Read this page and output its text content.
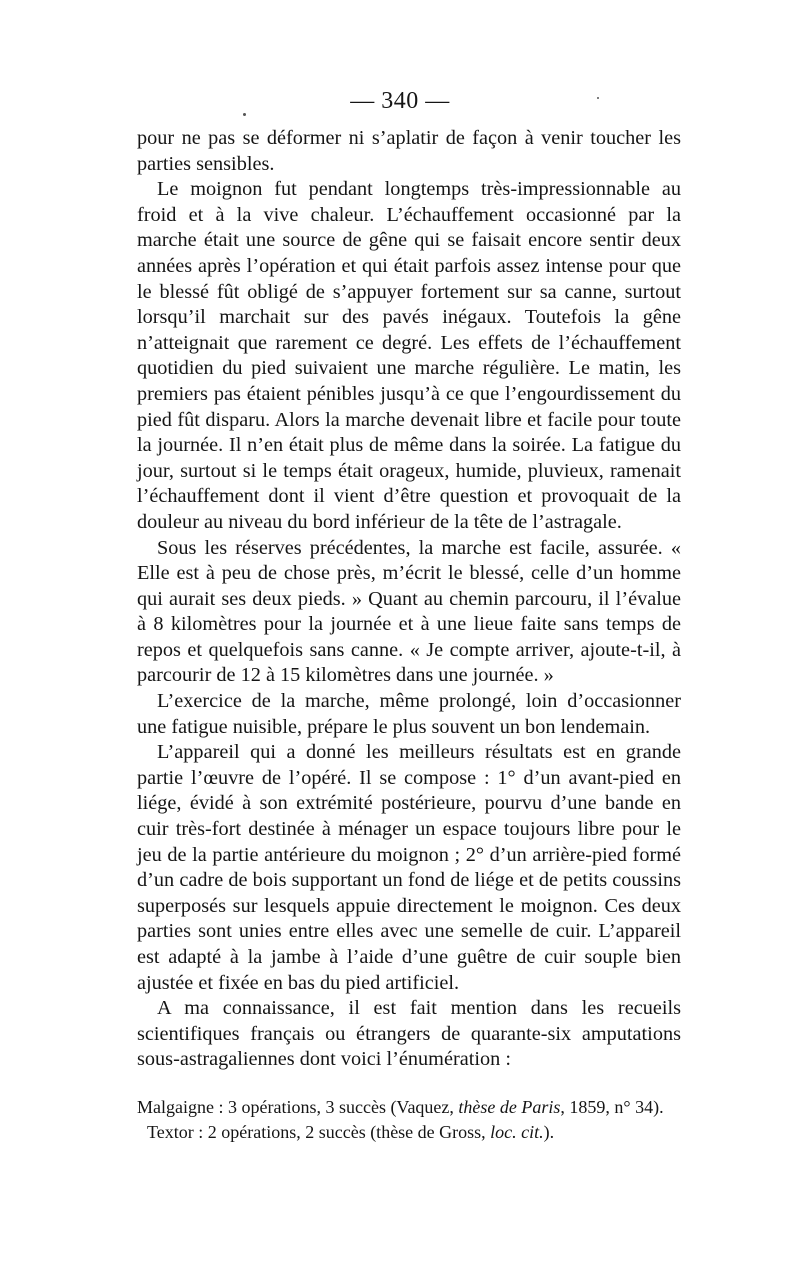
— 340 —

pour ne pas se déformer ni s’aplatir de façon à venir toucher les parties sensibles.

Le moignon fut pendant longtemps très-impressionnable au froid et à la vive chaleur. L’échauffement occasionné par la marche était une source de gêne qui se faisait encore sentir deux années après l’opération et qui était parfois assez intense pour que le blessé fût obligé de s’appuyer fortement sur sa canne, surtout lorsqu’il marchait sur des pavés inégaux. Toutefois la gêne n’atteignait que rarement ce degré. Les effets de l’échauffement quotidien du pied suivaient une marche régulière. Le matin, les premiers pas étaient pénibles jusqu’à ce que l’engourdissement du pied fût disparu. Alors la marche devenait libre et facile pour toute la journée. Il n’en était plus de même dans la soirée. La fatigue du jour, surtout si le temps était orageux, humide, pluvieux, ramenait l’échauffement dont il vient d’être question et provoquait de la douleur au niveau du bord inférieur de la tête de l’astragale.

Sous les réserves précédentes, la marche est facile, assurée. « Elle est à peu de chose près, m’écrit le blessé, celle d’un homme qui aurait ses deux pieds. » Quant au chemin parcouru, il l’évalue à 8 kilomètres pour la journée et à une lieue faite sans temps de repos et quelquefois sans canne. « Je compte arriver, ajoute-t-il, à parcourir de 12 à 15 kilomètres dans une journée. »

L’exercice de la marche, même prolongé, loin d’occasionner une fatigue nuisible, prépare le plus souvent un bon lendemain.

L’appareil qui a donné les meilleurs résultats est en grande partie l’œuvre de l’opéré. Il se compose : 1° d’un avant-pied en liége, évidé à son extrémité postérieure, pourvu d’une bande en cuir très-fort destinée à ménager un espace toujours libre pour le jeu de la partie antérieure du moignon ; 2° d’un arrière-pied formé d’un cadre de bois supportant un fond de liége et de petits coussins superposés sur lesquels appuie directement le moignon. Ces deux parties sont unies entre elles avec une semelle de cuir. L’appareil est adapté à la jambe à l’aide d’une guêtre de cuir souple bien ajustée et fixée en bas du pied artificiel.

A ma connaissance, il est fait mention dans les recueils scientifiques français ou étrangers de quarante-six amputations sous-astragaliennes dont voici l’énumération :

Malgaigne : 3 opérations, 3 succès (Vaquez, thèse de Paris, 1859, n° 34).
Textor : 2 opérations, 2 succès (thèse de Gross, loc. cit.).
